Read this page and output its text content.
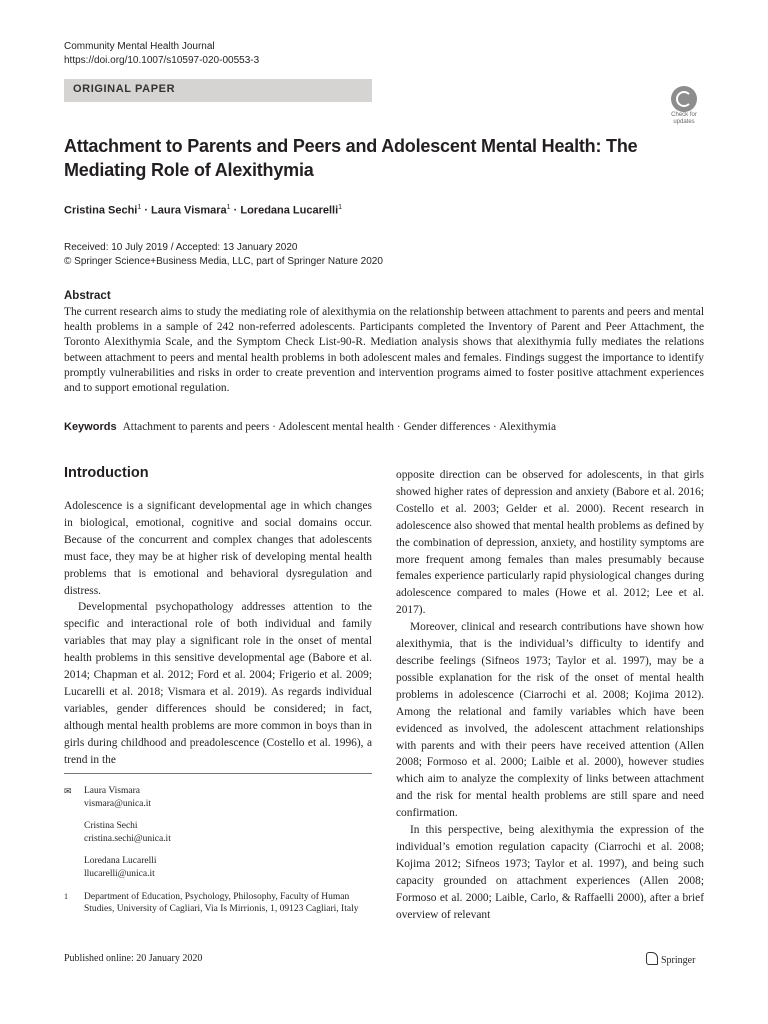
Community Mental Health Journal
https://doi.org/10.1007/s10597-020-00553-3
ORIGINAL PAPER
Check for
updates
Attachment to Parents and Peers and Adolescent Mental Health: The
Mediating Role of Alexithymia
Cristina Sechi$^1$ · Laura Vismara$^1$ · Loredana Lucarelli$^1$
Received: 10 July 2019 / Accepted: 13 January 2020
© Springer Science+Business Media, LLC, part of Springer Nature 2020
Abstract
The current research aims to study the mediating role of alexithymia on the relationship between attachment to parents and peers and mental health problems in a sample of 242 non-referred adolescents. Participants completed the Inventory of Parent and Peer Attachment, the Toronto Alexithymia Scale, and the Symptom Check List-90-R. Mediation analysis shows that alexithymia fully mediates the relations between attachment to peers and mental health problems in both adolescent males and females. Findings suggest the importance to identify promptly vulnerabilities and risks in order to create prevention and intervention programs aimed to foster positive attachment experiences and to support emotional regulation.
Keywords Attachment to parents and peers · Adolescent mental health · Gender differences · Alexithymia
Introduction

Adolescence is a significant developmental age in which changes in biological, emotional, cognitive and social domains occur. Because of the concurrent and complex changes that adolescents must face, they may be at higher risk of developing mental health problems that is emotional and behavioral dysregulation and distress.

Developmental psychopathology addresses attention to the specific and interactional role of both individual and family variables that may play a significant role in the onset of mental health problems in this sensitive developmental age (Babore et al. 2014; Chapman et al. 2012; Ford et al. 2004; Frigerio et al. 2009; Lucarelli et al. 2018; Vismara et al. 2019). As regards individual variables, gender differences should be considered; in fact, although mental health problems are more common in boys than in girls during childhood and preadolescence (Costello et al. 1996), a trend in the

opposite direction can be observed for adolescents, in that girls showed higher rates of depression and anxiety (Babore et al. 2016; Costello et al. 2003; Gelder et al. 2000). Recent research in adolescence also showed that mental health problems as defined by the combination of depression, anxiety, and hostility symptoms are more frequent among females than males presumably because females experience particularly rapid physiological changes during adolescence compared to males (Howe et al. 2012; Lee et al. 2017).

Moreover, clinical and research contributions have shown how alexithymia, that is the individual’s difficulty to identify and describe feelings (Sifneos 1973; Taylor et al. 1997), may be a possible explanation for the risk of the onset of mental health problems in adolescence (Ciarrochi et al. 2008; Kojima 2012). Among the relational and family variables which have been evidenced as involved, the adolescent attachment relationships with parents and with their peers have received attention (Allen 2008; Formoso et al. 2000; Laible et al. 2000), however studies which aim to analyze the complexity of links between attachment and the risk for mental health problems are still spare and need confirmation.

In this perspective, being alexithymia the expression of the individual’s emotion regulation capacity (Ciarrochi et al. 2008; Kojima 2012; Sifneos 1973; Taylor et al. 1997), and being such capacity grounded on attachment experiences (Allen 2008; Formoso et al. 2000; Laible, Carlo, & Raffaelli 2000), after a brief overview of relevant

✉ Laura Vismara
vismara@unica.it
Cristina Sechi
cristina.sechi@unica.it
Loredana Lucarelli
llucarelli@unica.it
1 Department of Education, Psychology, Philosophy, Faculty of Human Studies, University of Cagliari, Via Is Mirrionis, 1, 09123 Cagliari, Italy
Published online: 20 January 2020	Springer
